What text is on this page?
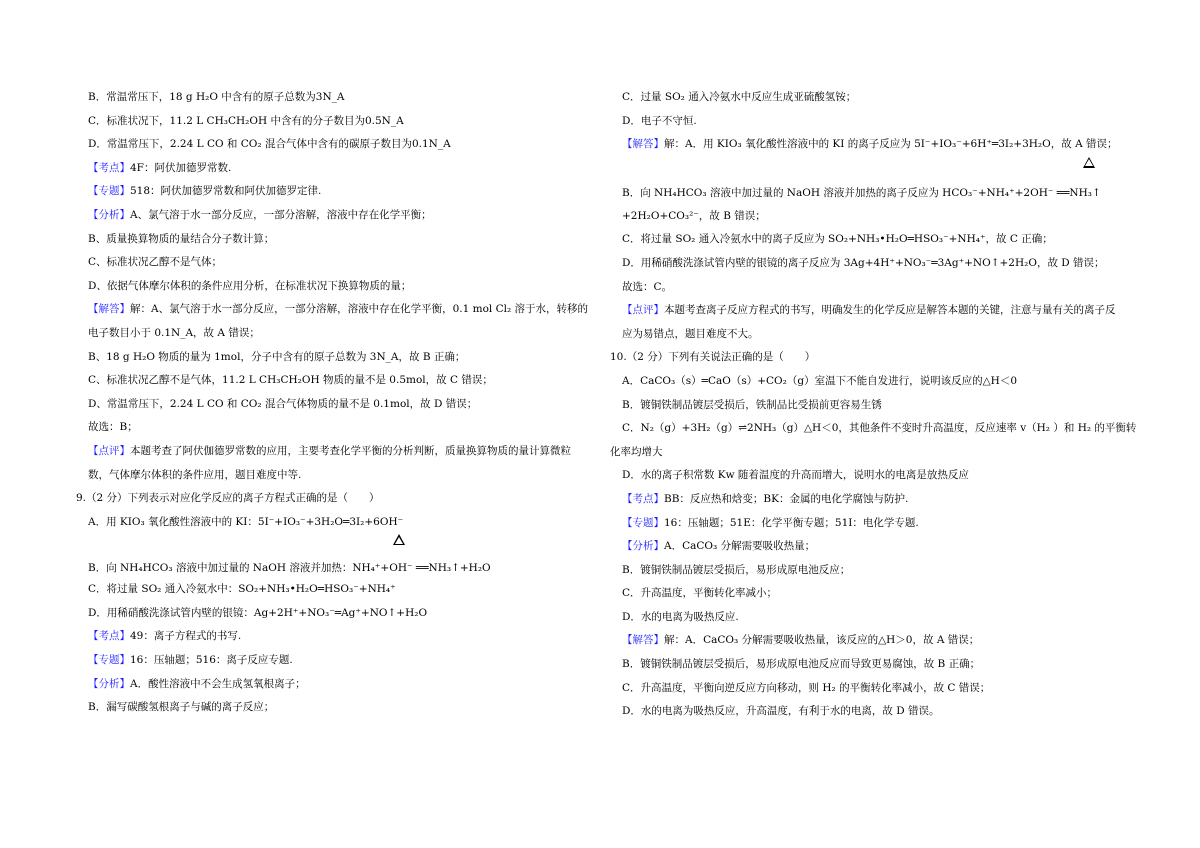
B．常温常压下，18 g H₂O 中含有的原子总数为3N_A
C．标准状况下，11.2 L CH₃CH₂OH 中含有的分子数目为0.5N_A
D．常温常压下，2.24 L CO 和 CO₂ 混合气体中含有的碳原子数目为0.1N_A
【考点】4F：阿伏加德罗常数.
【专题】518：阿伏加德罗常数和阿伏加德罗定律.
【分析】A、氯气溶于水一部分反应，一部分溶解，溶液中存在化学平衡；
B、质量换算物质的量结合分子数计算；
C、标准状况乙醇不是气体；
D、依据气体摩尔体积的条件应用分析，在标准状况下换算物质的量；
【解答】解：A、氯气溶于水一部分反应，一部分溶解，溶液中存在化学平衡，0.1 mol Cl₂ 溶于水，转移的
电子数目小于 0.1N_A，故 A 错误；
B、18 g H₂O 物质的量为 1mol，分子中含有的原子总数为 3N_A，故 B 正确；
C、标准状况乙醇不是气体，11.2 L CH₃CH₂OH 物质的量不是 0.5mol，故 C 错误；
D、常温常压下，2.24 L CO 和 CO₂ 混合气体物质的量不是 0.1mol，故 D 错误；
故选：B；
【点评】本题考查了阿伏伽德罗常数的应用，主要考查化学平衡的分析判断，质量换算物质的量计算微粒
数，气体摩尔体积的条件应用，题目难度中等.
9.（2 分）下列表示对应化学反应的离子方程式正确的是（　　）
A．用 KIO₃ 氧化酸性溶液中的 KI：5I⁻+IO₃⁻+3H₂O═3I₂+6OH⁻
B．向 NH₄HCO₃ 溶液中加过量的 NaOH 溶液并加热：NH₄⁺+OH⁻ ══NH₃↑+H₂O
C．将过量 SO₂ 通入冷氨水中：SO₂+NH₃•H₂O═HSO₃⁻+NH₄⁺
D．用稀硝酸洗涤试管内壁的银镜：Ag+2H⁺+NO₃⁻═Ag⁺+NO↑+H₂O
【考点】49：离子方程式的书写.
【专题】16：压轴题；516：离子反应专题.
【分析】A．酸性溶液中不会生成氢氧根离子；
B．漏写碳酸氢根离子与碱的离子反应；
C．过量 SO₂ 通入冷氨水中反应生成亚硫酸氢铵；
D．电子不守恒.
【解答】解：A．用 KIO₃ 氧化酸性溶液中的 KI 的离子反应为 5I⁻+IO₃⁻+6H⁺═3I₂+3H₂O，故 A 错误；
B．向 NH₄HCO₃ 溶液中加过量的 NaOH 溶液并加热的离子反应为 HCO₃⁻+NH₄⁺+2OH⁻ ══NH₃↑
+2H₂O+CO₃²⁻，故 B 错误；
C．将过量 SO₂ 通入冷氨水中的离子反应为 SO₂+NH₃•H₂O═HSO₃⁻+NH₄⁺，故 C 正确；
D．用稀硝酸洗涤试管内壁的银镜的离子反应为 3Ag+4H⁺+NO₃⁻═3Ag⁺+NO↑+2H₂O，故 D 错误；
故选：C。
【点评】本题考查离子反应方程式的书写，明确发生的化学反应是解答本题的关键，注意与量有关的离子反
应为易错点，题目难度不大。
10.（2 分）下列有关说法正确的是（　　）
A．CaCO₃（s）═CaO（s）+CO₂（g）室温下不能自发进行，说明该反应的△H＜0
B．镀铜铁制品镀层受损后，铁制品比受损前更容易生锈
C．N₂（g）+3H₂（g）⇌2NH₃（g）△H＜0，其他条件不变时升高温度，反应速率 v（H₂ ）和 H₂ 的平衡转
化率均增大
D．水的离子积常数 Kw 随着温度的升高而增大，说明水的电离是放热反应
【考点】BB：反应热和焓变；BK：金属的电化学腐蚀与防护.
【专题】16：压轴题；51E：化学平衡专题；51I：电化学专题.
【分析】A．CaCO₃ 分解需要吸收热量；
B．镀铜铁制品镀层受损后，易形成原电池反应；
C．升高温度，平衡转化率减小；
D．水的电离为吸热反应.
【解答】解：A．CaCO₃ 分解需要吸收热量，该反应的△H＞0，故 A 错误；
B．镀铜铁制品镀层受损后，易形成原电池反应而导致更易腐蚀，故 B 正确；
C．升高温度，平衡向逆反应方向移动，则 H₂ 的平衡转化率减小，故 C 错误；
D．水的电离为吸热反应，升高温度，有利于水的电离，故 D 错误。
